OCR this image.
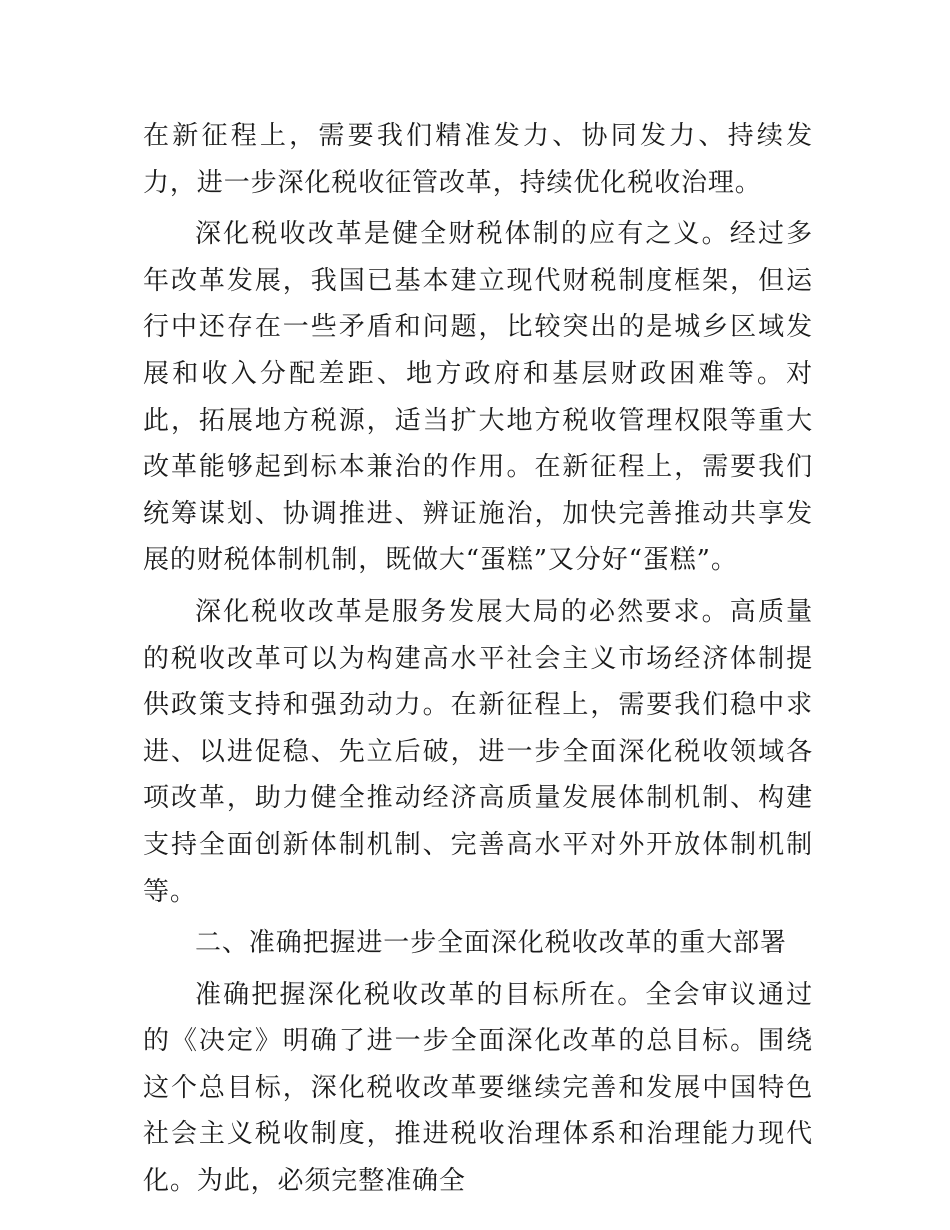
在新征程上，需要我们精准发力、协同发力、持续发力，进一步深化税收征管改革，持续优化税收治理。

深化税收改革是健全财税体制的应有之义。经过多年改革发展，我国已基本建立现代财税制度框架，但运行中还存在一些矛盾和问题，比较突出的是城乡区域发展和收入分配差距、地方政府和基层财政困难等。对此，拓展地方税源，适当扩大地方税收管理权限等重大改革能够起到标本兼治的作用。在新征程上，需要我们统筹谋划、协调推进、辨证施治，加快完善推动共享发展的财税体制机制，既做大“蛋糕”又分好“蛋糕”。

深化税收改革是服务发展大局的必然要求。高质量的税收改革可以为构建高水平社会主义市场经济体制提供政策支持和强劲动力。在新征程上，需要我们稳中求进、以进促稳、先立后破，进一步全面深化税收领域各项改革，助力健全推动经济高质量发展体制机制、构建支持全面创新体制机制、完善高水平对外开放体制机制等。

二、准确把握进一步全面深化税收改革的重大部署

准确把握深化税收改革的目标所在。全会审议通过的《决定》明确了进一步全面深化改革的总目标。围绕这个总目标，深化税收改革要继续完善和发展中国特色社会主义税收制度，推进税收治理体系和治理能力现代化。为此，必须完整准确全
